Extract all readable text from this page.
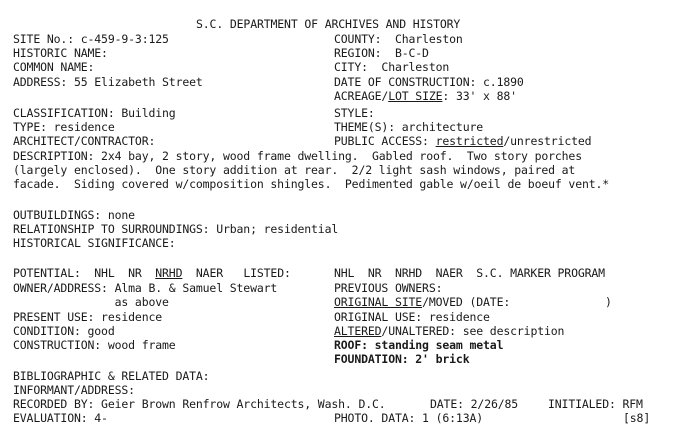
S.C. DEPARTMENT OF ARCHIVES AND HISTORY
SITE No.: c-459-9-3:125
HISTORIC NAME:
COMMON NAME:
ADDRESS: 55 Elizabeth Street
COUNTY:  Charleston
REGION:  B-C-D
CITY:  Charleston
DATE OF CONSTRUCTION: c.1890
ACREAGE/LOT SIZE: 33' x 88'
CLASSIFICATION: Building
TYPE: residence
ARCHITECT/CONTRACTOR:
STYLE:
THEME(S): architecture
PUBLIC ACCESS: restricted/unrestricted
DESCRIPTION: 2x4 bay, 2 story, wood frame dwelling.  Gabled roof.  Two story porches
(largely enclosed).  One story addition at rear.  2/2 light sash windows, paired at
facade.  Siding covered w/composition shingles.  Pedimented gable w/oeil de boeuf vent.*
OUTBUILDINGS: none
RELATIONSHIP TO SURROUNDINGS: Urban; residential
HISTORICAL SIGNIFICANCE:
POTENTIAL:  NHL  NR  NRHD  NAER   LISTED:
OWNER/ADDRESS: Alma B. & Samuel Stewart
as above
PRESENT USE: residence
CONDITION: good
CONSTRUCTION: wood frame
NHL  NR  NRHD  NAER  S.C. MARKER PROGRAM
PREVIOUS OWNERS:
ORIGINAL SITE/MOVED (DATE:              )
ORIGINAL USE: residence
ALTERED/UNALTERED: see description
ROOF: standing seam metal
FOUNDATION: 2' brick
BIBLIOGRAPHIC & RELATED DATA:
INFORMANT/ADDRESS:
RECORDED BY: Geier Brown Renfrow Architects, Wash. D.C.	DATE: 2/26/85	INITIALED: RFM
EVALUATION: 4-	PHOTO. DATA: 1 (6:13A)	[s8]
